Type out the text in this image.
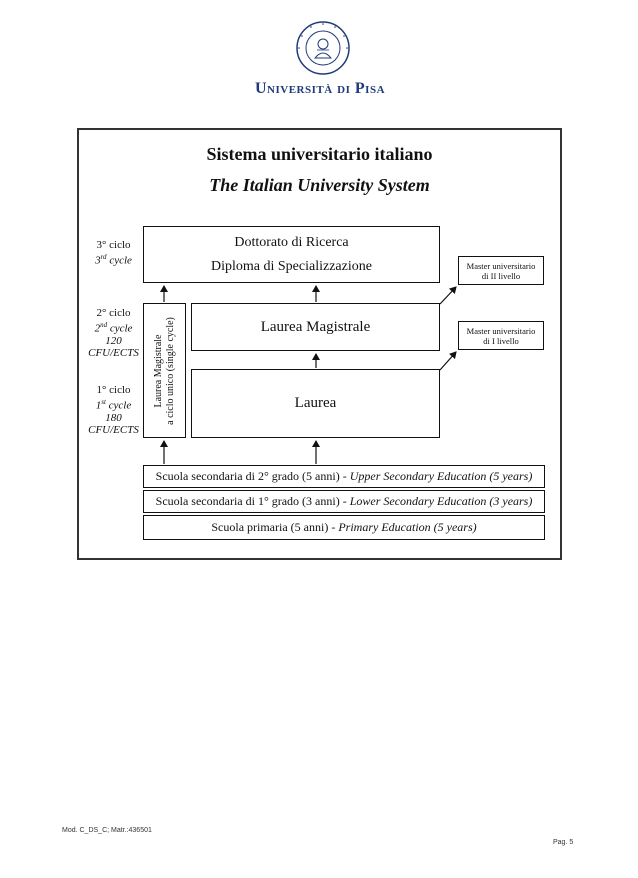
Università di Pisa
Sistema universitario italiano
The Italian University System
3° ciclo
3rd cycle
2° ciclo
2nd cycle
120
CFU/ECTS
1° ciclo
1st cycle
180
CFU/ECTS
Dottorato di Ricerca
Diploma di Specializzazione
Laurea Magistrale
Laurea
Laurea Magistrale a ciclo unico (single cycle)
Master universitario
di II livello
Master universitario
di I livello
Scuola secondaria di 2° grado (5 anni) - Upper Secondary Education (5 years)
Scuola secondaria di 1° grado (3 anni) - Lower Secondary Education (3 years)
Scuola primaria (5 anni) - Primary Education (5 years)
Mod. C_DS_C; Matr.:436501
Pag. 5
